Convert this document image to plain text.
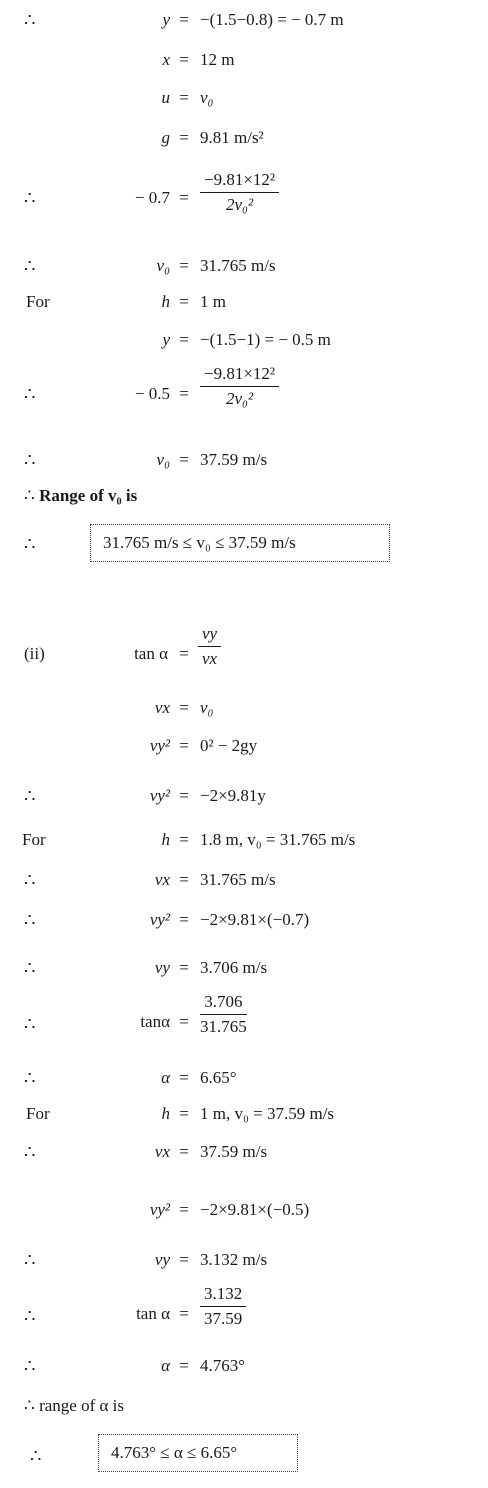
∴	y = −(1.5−0.8) = − 0.7 m
x = 12 m
u = v₀
g = 9.81 m/s²
∴	− $0.7 = \frac{\text{−9.81×12²}}{\text{2v₀²}}$
∴	v₀ = 31.765 m/s
For	h = 1 m
y = −(1.5−1) = − 0.5 m
∴	− $0.5 = \frac{\text{−9.81×12²}}{\text{2v₀²}}$
∴	v₀ = 37.59 m/s
∴ Range of v₀ is
∴	31.765 m/s ≤ v₀ ≤ 37.59 m/s
(ii)	$\tan \alpha = \frac{vy}{vx}$
vx = v₀
vy² = 0² − 2gy
∴	vy² = −2×9.81y
For	h = 1.8 m, v₀ = 31.765 m/s
∴	vx = 31.765 m/s
∴	vy² = −2×9.81×(−0.7)
∴	vy = 3.706 m/s
∴	$\tan\alpha = \frac{3.706}{31.765}$
∴	α = 6.65°
For	h = 1 m, v₀ = 37.59 m/s
∴	vx = 37.59 m/s
vy² = −2×9.81×(−0.5)
∴	vy = 3.132 m/s
∴	$\tan \alpha = \frac{3.132}{37.59}$
∴	α = 4.763°
∴ range of α is
∴	4.763° ≤ α ≤ 6.65°
